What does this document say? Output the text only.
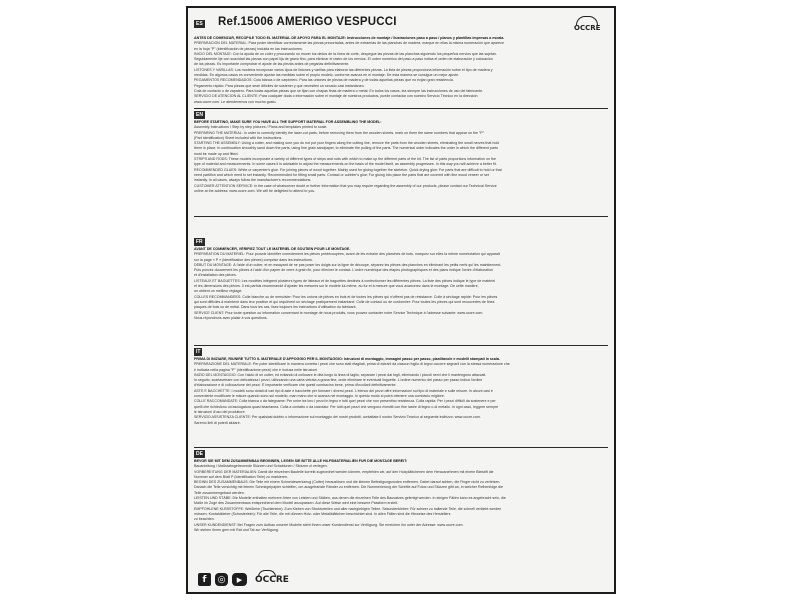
ES Ref.15006 AMERIGO VESPUCCI	OCCRE
ANTES DE COMENZAR, RECOPILE TODO EL MATERIAL DE APOYO PARA EL MONTAJE: Instrucciones de montaje / Ilustraciones paso a paso / planos y plantillas impresas a escala.
PREPARACIÓN DEL MATERIAL: Para poder identificar correctamente las piezas precortadas, antes de extraerlas de las planchas de madera, marque en ellas la misma numeración que aparece
en la hoja "P" (identificación de piezas) incluida en las instrucciones.
INICIO DEL MONTAJE: Con la ayuda de un cúter y procurando no mover los dedos de la línea de corte, despegue las piezas de las planchas siguiendo los pequeños nervios que las sujetan.
Seguidamente lije con suavidad las piezas con papel lija de grano fino, para eliminar el rastro de los nervios. El orden numérico del paso a paso indica el orden de elaboración y colocación
de las piezas. Es importante comprobar el ajuste de las piezas antes de pegarlas definitivamente.
LISTONES Y VARILLAS: Los modelos incorporan varios tipos de listones y varillas para elaborar las diferentes piezas. La lista de piezas proporciona información sobre el tipo de madera y
medidas. En algunos casos es conveniente ajustar las medidas sobre el propio modelo, conforme avanza en el montaje. De esta manera se consigue un mejor ajuste.
PEGAMENTOS RECOMENDADOS: Cola blanca o de carpintero. Para las uniones de piezas de madera y de todas aquellas piezas que no exijan gran resistencia.
Pegamento rápido: Para piezas que sean difíciles de sostener y que necesiten un secado casi instantáneo.
Cola de contacto o de zapatero. Para todas aquellas piezas que se fijan con chapas finas de madera o metal. En todos los casos, lea siempre las instrucciones de uso del fabricante.
SERVICIO DE ATENCIÓN AL CLIENTE: Para cualquier duda o información sobre el montaje de nuestros productos, puede contactar con nuestro Servicio Técnico en la dirección:
www.occre.com. Le atenderemos con mucho gusto.
EN
BEFORE STARTING, MAKE SURE YOU HAVE ALL THE SUPPORT MATERIAL FOR ASSEMBLING THE MODEL:
Assembly Instructions / Step by step pictures / Plans and templates printed to scale.
PREPARING THE MATERIAL: In order to correctly identify the laser-cut parts, before removing them from the wooden sheets, mark on them the same numbers that appear on the "P"
(Part identification) Sheet included with the instructions.
STARTING THE ASSEMBLY: Using a cutter, and making sure you do not put your fingers along the cutting line, remove the parts from the wooden sheets, eliminating the small nerves that hold
them in place. In continuation smoothly sand down the parts, using fine grain sandpaper, to eliminate the pulling of the parts. The numerical order indicates the order in which the different parts
must be made up and fitted.
STRIPS AND RODS: These models incorporate a variety of different types of strips and rods with which to make up the different parts of the kit. The list of parts proportions information on the
type of material and measurements. In some cases it is advisable to adjust the measurements on the basis of the model itself, as assembly progresses. In this way you will achieve a better fit.
RECOMMENDED GLUES: White or carpenter's glue. For joining pieces of wood together. Mainly used for gluing together the skeleton. Quick drying glue: For parts that are difficult to hold or that
need partition and which need to set instantly. Recommended for fitting small parts. Contact or cobbler's glue: For gluing into place the parts that are covered with fine wood veneer or set
instantly. In all cases, always follow the manufacturer's recommendations.
CUSTOMER ATTENTION SERVICE: In the case of whatsoever doubt or further information that you may require regarding the assembly of our products, please contact our Technical Service
online at the address: www.occre.com. We will be delighted to attend to you.
FR
AVANT DE COMMENCER, VÉRIFIEZ TOUT LE MATÉRIEL DE SOUTIEN POUR LE MONTAGE.
PRÉPARATION DU MATÉRIEL: Pour pouvoir identifier correctement les pièces prédécoupées, avant de les extraire des planches de bois, marquez sur elles la même numérotation qui apparaît
sur la page « P » (identification des pièces) comprise dans les instructions.
DÉBUT DU MONTAGE: À l'aide d'un cutter, et en essayant de ne pas poser les doigts sur la ligne de découpe, séparez les pièces des planches en éliminant les petits nerfs qui les maintiennent.
Puis poncez doucement les pièces à l'aide d'un papier de verre à grain fin, pour éliminer le contact. L'ordre numérique des étapes photographiques et des plans indique l'ordre d'élaboration
et d'installation des pièces.
LISTEAUX ET BAGUETTES: Les modèles intègrent plusieurs types de listeaux et de baguettes destinés à confectionner les différentes pièces. La liste des pièces indique le type de matériel
et les dimensions des pièces. Il est parfois recommandé d'ajuster les mesures sur le modèle lui-même, au fur et à mesure que vous avancerez dans le montage. De cette manière,
on obtient un meilleur réglage.
COLLES RECOMMANDÉES: Colle blanche ou de menuisier: Pour les unions de pièces en bois et de toutes les pièces qui n'offrent pas de résistance. Colle à séchage rapide: Pour les pièces
qui sont difficiles à maintenir dans leur position et qui requièrent un séchage pratiquement instantané. Colle de contact ou de cordonnier: Pour toutes les pièces qui sont recouvertes de fines
plaques de bois ou de métal. Dans tous les cas, lisez toujours les instructions d'utilisation du fabricant.
SERVICE CLIENT: Pour toute question ou information concernant le montage de nous produits, vous pouvez contacter notre Service Technique à l'adresse suivante: www.occre.com.
Nous répondrons avec plaisir à vos questions.
IT
PRIMA DI INIZIARE, RIUNIRE TUTTO IL MATERIALE D'APPOGGIO PER IL MONTAGGIO: Istruzioni di montaggio, immagini passo per passo, piani/tavole e modelli stampati in scala.
PREPARAZIONE DEL MATERIALE: Per poter identificare in maniera corretta i pezzi che sono stati ritagliati, prima di estrarli da ciascun foglio di legno occorre segnarli con la stessa numerazione che
è indicata nella pagina "P" (identificazione pezzi) che è inclusa nelle istruzioni.
INIZIO DEL MONTAGGIO: Con l'aiuto di un cutter, ed evitando di collocare le dita lungo la linea di taglio, separare i pezzi dai fogli, eliminando i piccoli nervi che li mantengono attaccati.
In seguito, scartavetrare con delicatezza i pezzi, utilizzando una carta vetrata a grana fine, onde eliminare le eventuali linguette. L'ordine numerico del passo per passo indica l'ordine
d'elaborazione e di collocazione dei pezzi. È importante verificare che questi combacino bene, prima d'incollarli definitivamente.
ASTE E BACCHETTE: I modelli sono dotati di vari tipi di aste e bacchette per formare i diversi pezzi. L'elenco dei pezzi offre informazioni sul tipo di materiale e sulle misure. In alcuni casi è
conveniente modificare le misure quando sono sul modello, man mano che si avanza nel montaggio. In questo modo si potrà ottenere una combacio migliore.
COLLE RACCOMANDATE: Colla bianca o da falegname: Per unire tra loro i pezzi in legno e tutti quei pezzi che non presentino resistenza. Colla rapida: Per i pezzi difficili da sostenere e per
quelli che richiedono un'asciugatura quasi istantanea. Colla a contatto o da calzolaio: Per tutti quei pezzi che vengono rivestiti con fine lastre di legno o di metallo. In ogni caso, leggere sempre
le istruzioni d'uso del produttore.
SERVIZIO ASSISTENZA CLIENTE: Per qualsiasi dubbio o informazione sul montaggio dei nostri prodotti, contattate il nostro Servizio Tecnico al seguente indirizzo: www.occre.com.
Saremo lieti di poterti aiutare.
DE
BEVOR SIE MIT DEM ZUSAMMENBAU BEGINNEN, LEGEN SIE BITTE ALLE HILFSMATERIALIEN FÜR DIE MONTAGE BEREIT:
Bauanleitung / Maßstabsgetreuende Skizzen und Schablonen / Skizzen ul verlegen.
VORBEREITUNG DER MATERIALIEN: Damit die einzelnen Bauteile korrekt zugeordnet werden können, empfehlen wir, auf den Holzplättchenen dem Herausnehmen mit einem Bleistift die
Nummer auf dem Blatt P (Identifikation Teile) zu markieren.
BEGINN DES ZUSAMMENBAUS: Die Teile mit einem Schneidewerkzeug (Cutter) herauslösen und die kleinen Befestigungsnoden entfernen. Dabei darauf achten, die Finger nicht zu verletzen.
Danach die Teile vorsichtig mit feinem Schmirgelpapier schleifen, um ausgefranste Ränder zu entfernen. Die Nummerierung der Schritte auf Fotos und Skizzen gibt an, in welcher Reihenfolge die
Teile zusammengebaut werden.
LEISTEN UND STÄBE: Die Modelle enthalten mehrere Arten von Leisten und Stäben, aus denen die einzelnen Teile des Bausatzes gefertigt werden. In einigen Fällen kann es angebracht sein, die
Maße im Zuge des Zusammenbaus entsprechend dem Modell anzupassen. Auf diese Weise wird eine bessere Passform erzielt.
EMPFOHLENE KLEBSTOFFE: Weißleim (Tischlerleim): Zum Kleben von Strukturteilen und aller nachgiebigen Teilen. Sekundenkleber: Für schwer zu haltende Teile, die schnell verklebt werden
müssen. Kontaktkleber (Schusterleim): Für alle Teile, die mit dünnen Holz- oder Metallblättchen beschichtet sind. In allen Fällen sind die Hinweise des Herstellers
zu beachten.
UNSER KUNDENDIENST: Bei Fragen zum Aufbau unserer Modelle steht Ihnen unser Kundendienst zur Verfügung. Sie erreichen ihn unter der Adresse: www.occre.com.
Wir stehen Ihnen gern mit Rat und Tat zur Verfügung.
f	◎	▶	OCCRE
